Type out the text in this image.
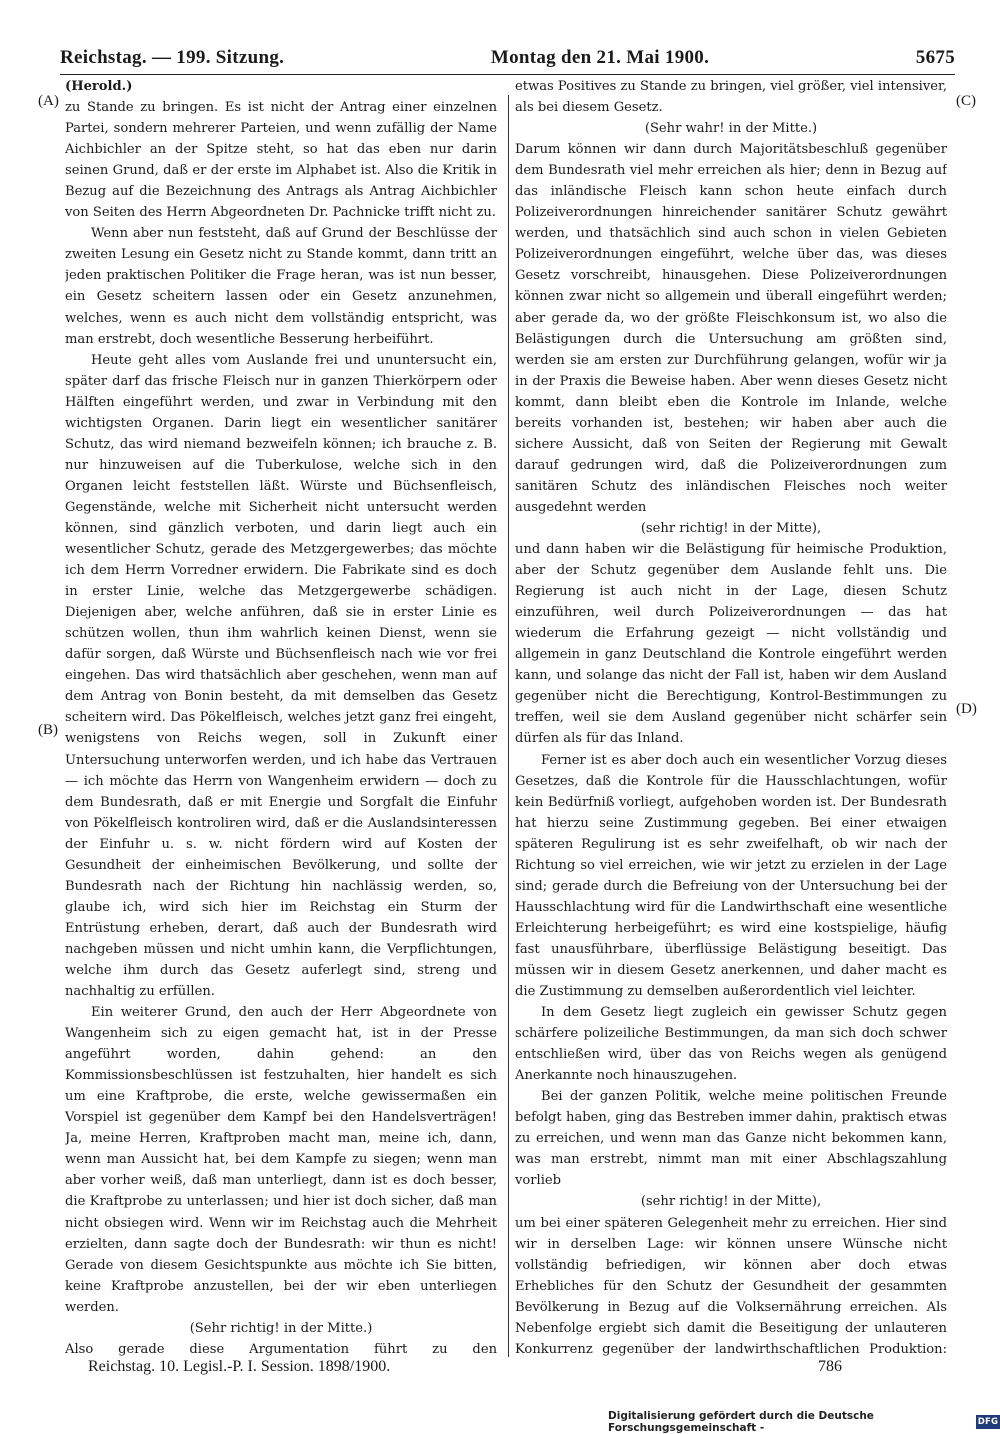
Reichstag. — 199. Sitzung.	Montag den 21. Mai 1900.	5675
(A)
(B)
(C)
(D)

(Herold.)

zu Stande zu bringen. Es ist nicht der Antrag einer einzelnen Partei, sondern mehrerer Parteien, und wenn zufällig der Name Aichbichler an der Spitze steht, so hat das eben nur darin seinen Grund, daß er der erste im Alphabet ist. Also die Kritik in Bezug auf die Bezeichnung des Antrags als Antrag Aichbichler von Seiten des Herrn Abgeordneten Dr. Pachnicke trifft nicht zu.

Wenn aber nun feststeht, daß auf Grund der Beschlüsse der zweiten Lesung ein Gesetz nicht zu Stande kommt, dann tritt an jeden praktischen Politiker die Frage heran, was ist nun besser, ein Gesetz scheitern lassen oder ein Gesetz anzunehmen, welches, wenn es auch nicht dem vollständig entspricht, was man erstrebt, doch wesentliche Besserung herbeiführt.

Heute geht alles vom Auslande frei und ununtersucht ein, später darf das frische Fleisch nur in ganzen Thierkörpern oder Hälften eingeführt werden, und zwar in Verbindung mit den wichtigsten Organen. Darin liegt ein wesentlicher sanitärer Schutz, das wird niemand bezweifeln können; ich brauche z. B. nur hinzuweisen auf die Tuberkulose, welche sich in den Organen leicht feststellen läßt. Würste und Büchsenfleisch, Gegenstände, welche mit Sicherheit nicht untersucht werden können, sind gänzlich verboten, und darin liegt auch ein wesentlicher Schutz, gerade des Metzgergewerbes; das möchte ich dem Herrn Vorredner erwidern. Die Fabrikate sind es doch in erster Linie, welche das Metzgergewerbe schädigen. Diejenigen aber, welche anführen, daß sie in erster Linie es schützen wollen, thun ihm wahrlich keinen Dienst, wenn sie dafür sorgen, daß Würste und Büchsenfleisch nach wie vor frei eingehen. Das wird thatsächlich aber geschehen, wenn man auf dem Antrag von Bonin besteht, da mit demselben das Gesetz scheitern wird. Das Pökelfleisch, welches jetzt ganz frei eingeht, wenigstens von Reichs wegen, soll in Zukunft einer Untersuchung unterworfen werden, und ich habe das Vertrauen — ich möchte das Herrn von Wangenheim erwidern — doch zu dem Bundesrath, daß er mit Energie und Sorgfalt die Einfuhr von Pökelfleisch kontroliren wird, daß er die Auslandsinteressen der Einfuhr u. s. w. nicht fördern wird auf Kosten der Gesundheit der einheimischen Bevölkerung, und sollte der Bundesrath nach der Richtung hin nachlässig werden, so, glaube ich, wird sich hier im Reichstag ein Sturm der Entrüstung erheben, derart, daß auch der Bundesrath wird nachgeben müssen und nicht umhin kann, die Verpflichtungen, welche ihm durch das Gesetz auferlegt sind, streng und nachhaltig zu erfüllen.

Ein weiterer Grund, den auch der Herr Abgeordnete von Wangenheim sich zu eigen gemacht hat, ist in der Presse angeführt worden, dahin gehend: an den Kommissionsbeschlüssen ist festzuhalten, hier handelt es sich um eine Kraftprobe, die erste, welche gewissermaßen ein Vorspiel ist gegenüber dem Kampf bei den Handelsverträgen! Ja, meine Herren, Kraftproben macht man, meine ich, dann, wenn man Aussicht hat, bei dem Kampfe zu siegen; wenn man aber vorher weiß, daß man unterliegt, dann ist es doch besser, die Kraftprobe zu unterlassen; und hier ist doch sicher, daß man nicht obsiegen wird. Wenn wir im Reichstag auch die Mehrheit erzielten, dann sagte doch der Bundesrath: wir thun es nicht! Gerade von diesem Gesichtspunkte aus möchte ich Sie bitten, keine Kraftprobe anzustellen, bei der wir eben unterliegen werden.

(Sehr richtig! in der Mitte.)

Also gerade diese Argumentation führt zu den

etwas Positives zu Stande zu bringen, viel größer, viel intensiver, als bei diesem Gesetz.

(Sehr wahr! in der Mitte.)

Darum können wir dann durch Majoritätsbeschluß gegenüber dem Bundesrath viel mehr erreichen als hier; denn in Bezug auf das inländische Fleisch kann schon heute einfach durch Polizeiverordnungen hinreichender sanitärer Schutz gewährt werden, und thatsächlich sind auch schon in vielen Gebieten Polizeiverordnungen eingeführt, welche über das, was dieses Gesetz vorschreibt, hinausgehen. Diese Polizeiverordnungen können zwar nicht so allgemein und überall eingeführt werden; aber gerade da, wo der größte Fleischkonsum ist, wo also die Belästigungen durch die Untersuchung am größten sind, werden sie am ersten zur Durchführung gelangen, wofür wir ja in der Praxis die Beweise haben. Aber wenn dieses Gesetz nicht kommt, dann bleibt eben die Kontrole im Inlande, welche bereits vorhanden ist, bestehen; wir haben aber auch die sichere Aussicht, daß von Seiten der Regierung mit Gewalt darauf gedrungen wird, daß die Polizeiverordnungen zum sanitären Schutz des inländischen Fleisches noch weiter ausgedehnt werden

(sehr richtig! in der Mitte),

und dann haben wir die Belästigung für heimische Produktion, aber der Schutz gegenüber dem Auslande fehlt uns. Die Regierung ist auch nicht in der Lage, diesen Schutz einzuführen, weil durch Polizeiverordnungen — das hat wiederum die Erfahrung gezeigt — nicht vollständig und allgemein in ganz Deutschland die Kontrole eingeführt werden kann, und solange das nicht der Fall ist, haben wir dem Ausland gegenüber nicht die Berechtigung, Kontrol-Bestimmungen zu treffen, weil sie dem Ausland gegenüber nicht schärfer sein dürfen als für das Inland.

Ferner ist es aber doch auch ein wesentlicher Vorzug dieses Gesetzes, daß die Kontrole für die Hausschlachtungen, wofür kein Bedürfniß vorliegt, aufgehoben worden ist. Der Bundesrath hat hierzu seine Zustimmung gegeben. Bei einer etwaigen späteren Regulirung ist es sehr zweifelhaft, ob wir nach der Richtung so viel erreichen, wie wir jetzt zu erzielen in der Lage sind; gerade durch die Befreiung von der Untersuchung bei der Hausschlachtung wird für die Landwirthschaft eine wesentliche Erleichterung herbeigeführt; es wird eine kostspielige, häufig fast unausführbare, überflüssige Belästigung beseitigt. Das müssen wir in diesem Gesetz anerkennen, und daher macht es die Zustimmung zu demselben außerordentlich viel leichter.

In dem Gesetz liegt zugleich ein gewisser Schutz gegen schärfere polizeiliche Bestimmungen, da man sich doch schwer entschließen wird, über das von Reichs wegen als genügend Anerkannte noch hinauszugehen.

Bei der ganzen Politik, welche meine politischen Freunde befolgt haben, ging das Bestreben immer dahin, praktisch etwas zu erreichen, und wenn man das Ganze nicht bekommen kann, was man erstrebt, nimmt man mit einer Abschlagszahlung vorlieb

(sehr richtig! in der Mitte),

um bei einer späteren Gelegenheit mehr zu erreichen. Hier sind wir in derselben Lage: wir können unsere Wünsche nicht vollständig befriedigen, wir können aber doch etwas Erhebliches für den Schutz der Gesundheit der gesammten Bevölkerung in Bezug auf die Volksernährung erreichen. Als Nebenfolge ergiebt sich damit die Beseitigung der unlauteren Konkurrenz gegenüber der landwirthschaftlichen Produktion:

Reichstag. 10. Legisl.-P. I. Session. 1898/1900.	786
Digitalisierung gefördert durch die Deutsche Forschungsgemeinschaft -	DFG
